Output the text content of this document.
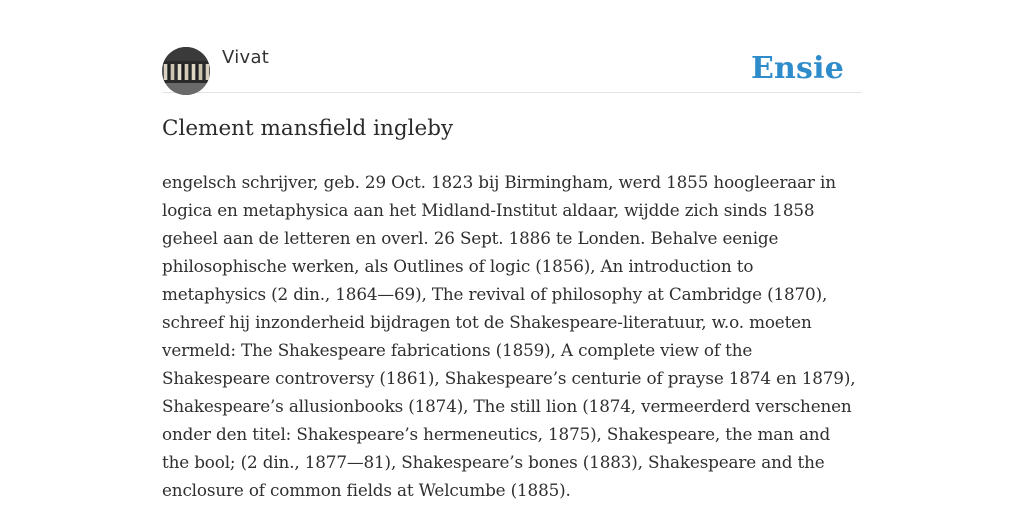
Vivat	Ensie
Clement mansfield ingleby

engelsch schrijver, geb. 29 Oct. 1823 bij Birmingham, werd 1855 hoogleeraar in
logica en metaphysica aan het Midland-Institut aldaar, wijdde zich sinds 1858
geheel aan de letteren en overl. 26 Sept. 1886 te Londen. Behalve eenige
philosophische werken, als Outlines of logic (1856), An introduction to
metaphysics (2 din., 1864—69), The revival of philosophy at Cambridge (1870),
schreef hij inzonderheid bijdragen tot de Shakespeare-literatuur, w.o. moeten
vermeld: The Shakespeare fabrications (1859), A complete view of the
Shakespeare controversy (1861), Shakespeare’s centurie of prayse 1874 en 1879),
Shakespeare’s allusionbooks (1874), The still lion (1874, vermeerderd verschenen
onder den titel: Shakespeare’s hermeneutics, 1875), Shakespeare, the man and
the bool; (2 din., 1877—81), Shakespeare’s bones (1883), Shakespeare and the
enclosure of common fields at Welcumbe (1885).
